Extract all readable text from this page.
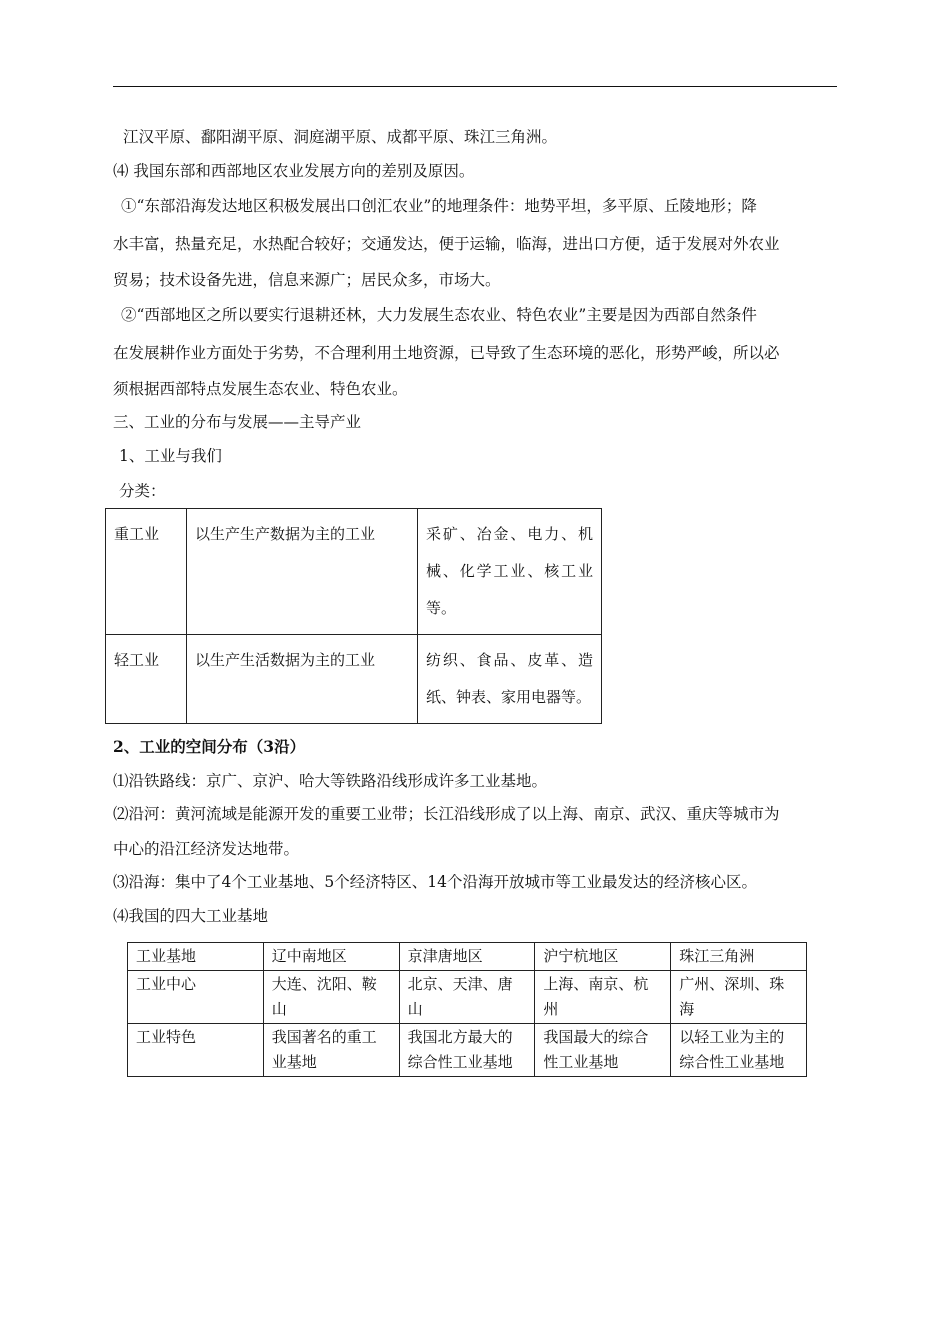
江汉平原、鄱阳湖平原、洞庭湖平原、成都平原、珠江三角洲。
⑷ 我国东部和西部地区农业发展方向的差别及原因。
①“东部沿海发达地区积极发展出口创汇农业”的地理条件：地势平坦，多平原、丘陵地形；降
水丰富，热量充足，水热配合较好；交通发达，便于运输，临海，进出口方便，适于发展对外农业
贸易；技术设备先进，信息来源广；居民众多，市场大。
②“西部地区之所以要实行退耕还林，大力发展生态农业、特色农业”主要是因为西部自然条件
在发展耕作业方面处于劣势，不合理利用土地资源，已导致了生态环境的恶化，形势严峻，所以必
须根据西部特点发展生态农业、特色农业。
三、工业的分布与发展——主导产业
1、工业与我们
分类：
重工业	以生产生产数据为主的工业	采矿、冶金、电力、机械、化学工业、核工业等。
轻工业	以生产生活数据为主的工业	纺织、食品、皮革、造纸、钟表、家用电器等。
2、工业的空间分布（3沿）
⑴沿铁路线：京广、京沪、哈大等铁路沿线形成许多工业基地。
⑵沿河：黄河流域是能源开发的重要工业带；长江沿线形成了以上海、南京、武汉、重庆等城市为
中心的沿江经济发达地带。
⑶沿海：集中了4个工业基地、5个经济特区、14个沿海开放城市等工业最发达的经济核心区。
⑷我国的四大工业基地
工业基地	辽中南地区	京津唐地区	沪宁杭地区	珠江三角洲
工业中心	大连、沈阳、鞍山	北京、天津、唐山	上海、南京、杭州	广州、深圳、珠海
工业特色	我国著名的重工业基地	我国北方最大的综合性工业基地	我国最大的综合性工业基地	以轻工业为主的综合性工业基地
